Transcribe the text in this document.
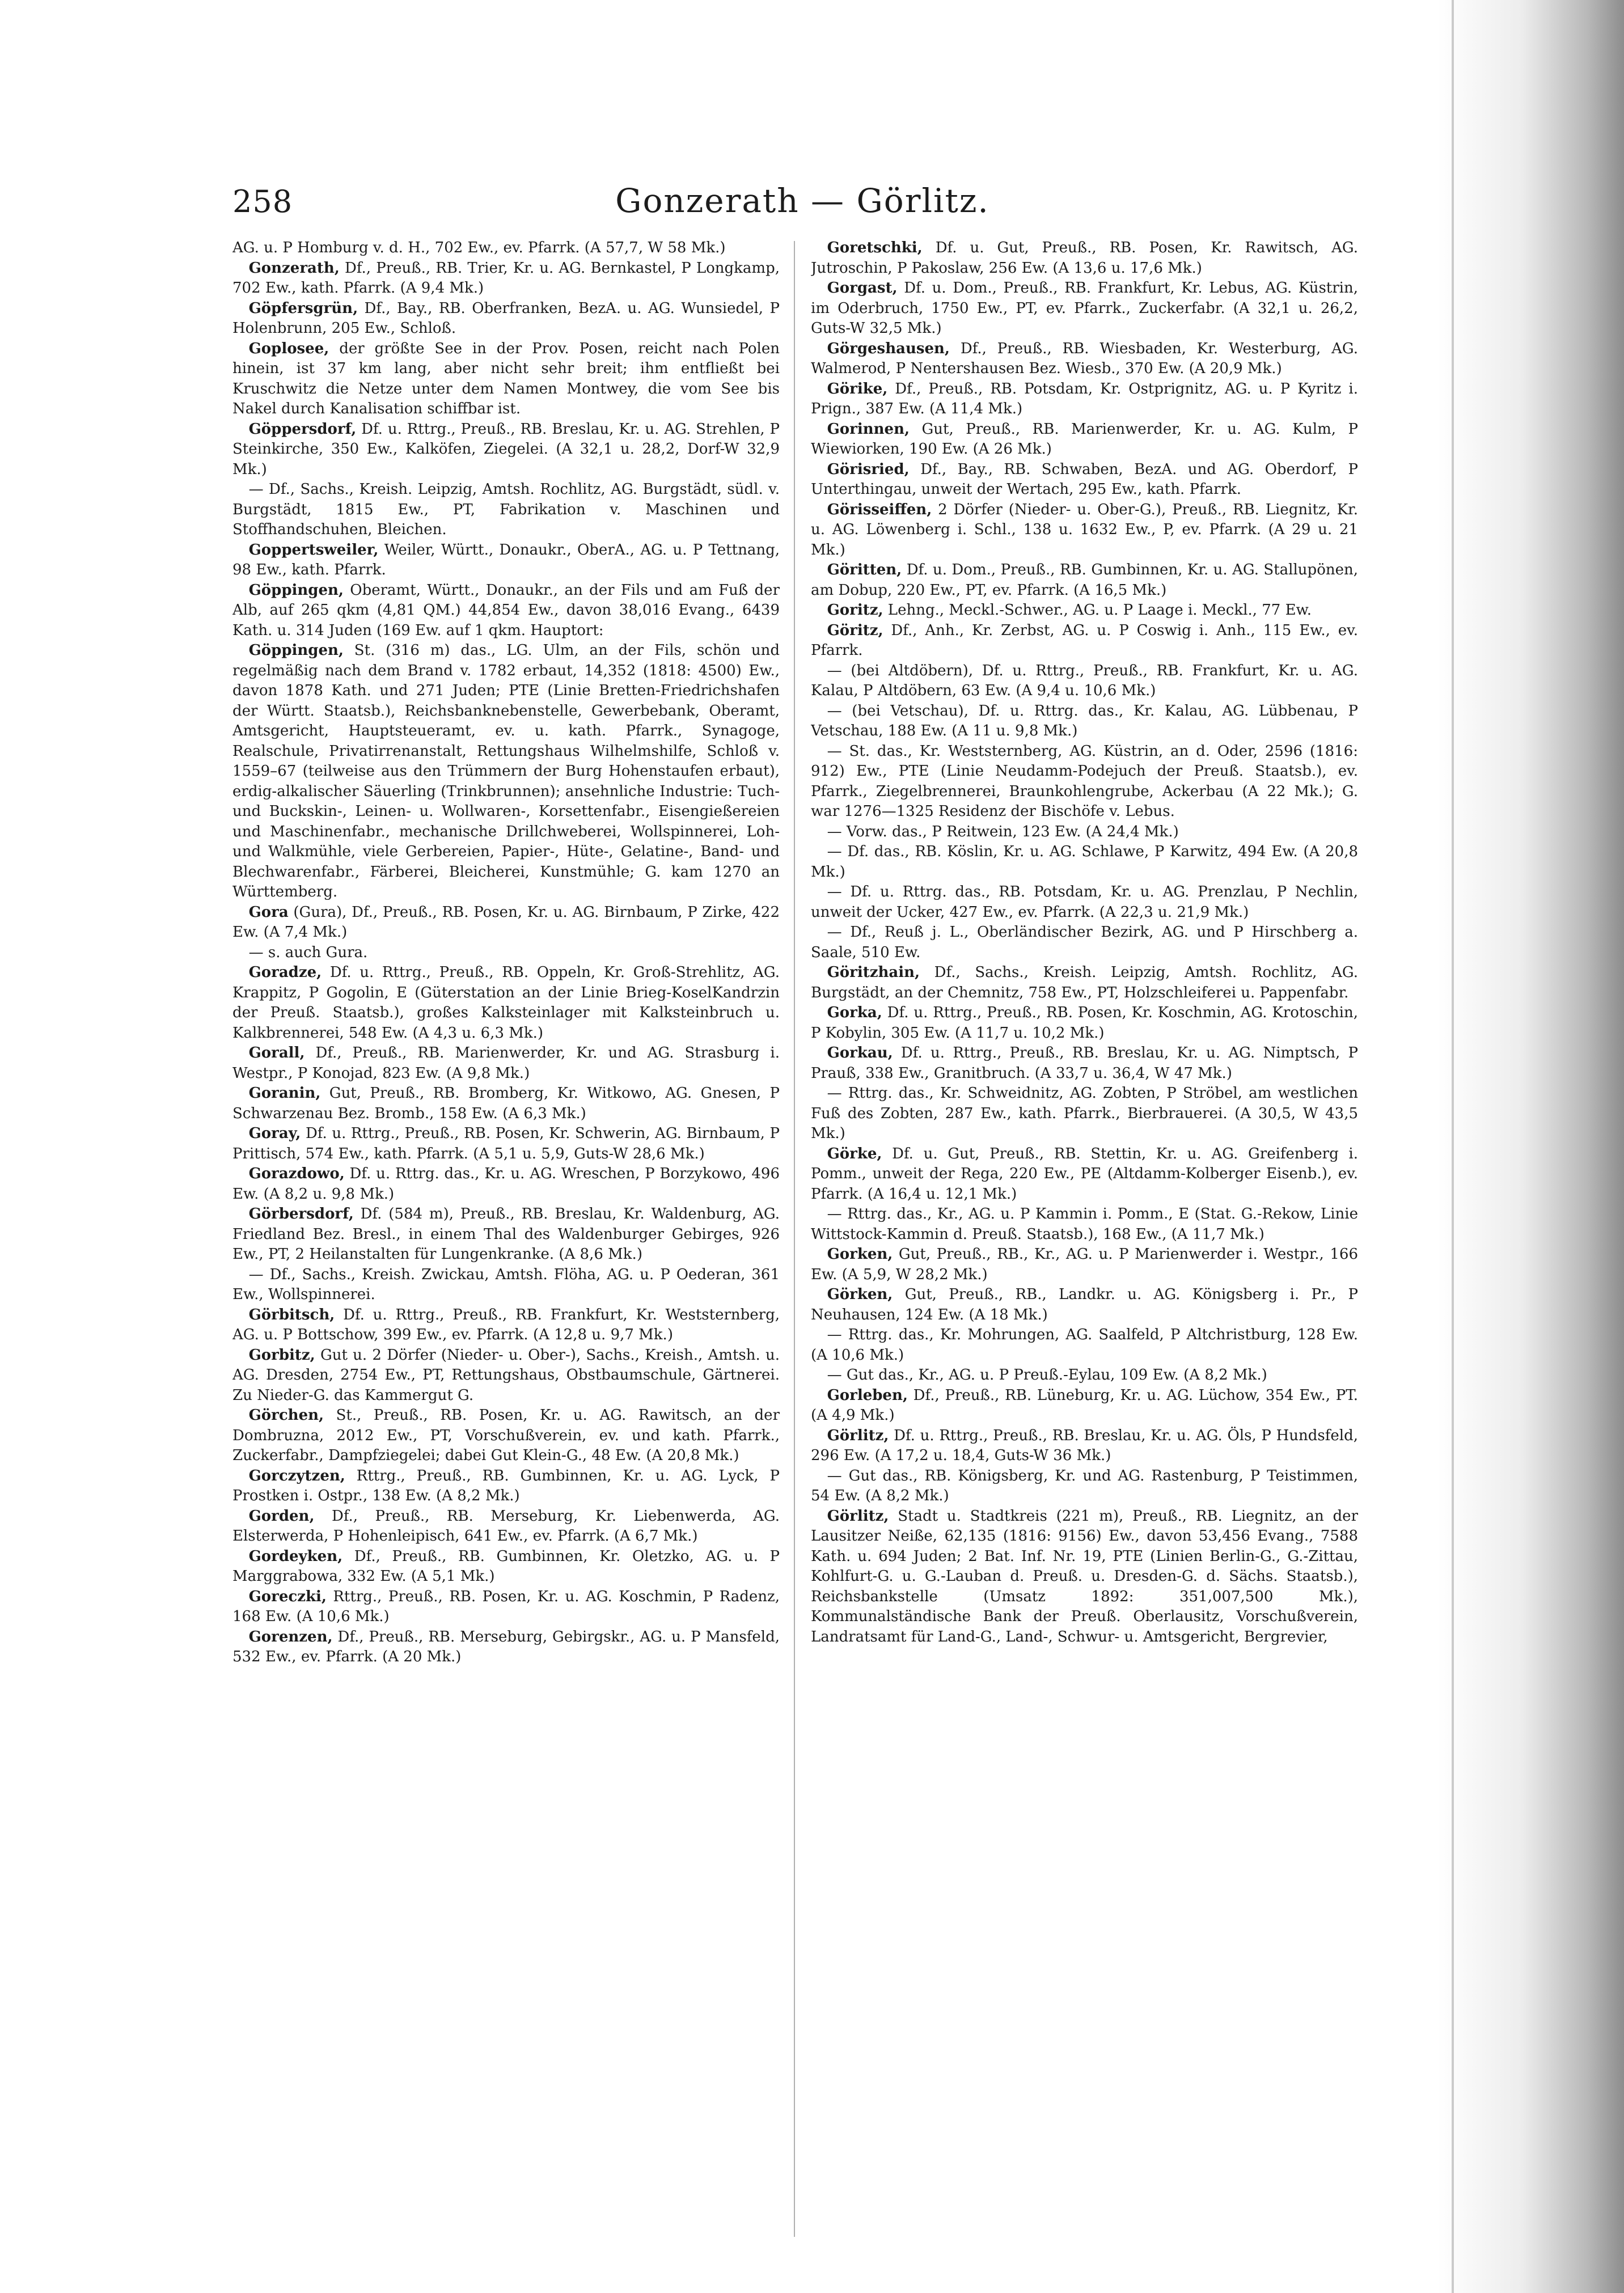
258	Gonzerath — Görlitz.

AG. u. P Homburg v. d. H., 702 Ew., ev. Pfarrk. (A 57,7, W 58 Mk.)

Gonzerath, Df., Preuß., RB. Trier, Kr. u. AG. Bernkastel, P Longkamp, 702 Ew., kath. Pfarrk. (A 9,4 Mk.)

Göpfersgrün, Df., Bay., RB. Oberfranken, BezA. u. AG. Wunsiedel, P Holenbrunn, 205 Ew., Schloß.

Goplosee, der größte See in der Prov. Posen, reicht nach Polen hinein, ist 37 km lang, aber nicht sehr breit; ihm entfließt bei Kruschwitz die Netze unter dem Namen Montwey, die vom See bis Nakel durch Kanalisation schiffbar ist.

Göppersdorf, Df. u. Rttrg., Preuß., RB. Breslau, Kr. u. AG. Strehlen, P Steinkirche, 350 Ew., Kalköfen, Ziegelei. (A 32,1 u. 28,2, Dorf-W 32,9 Mk.)

— Df., Sachs., Kreish. Leipzig, Amtsh. Rochlitz, AG. Burgstädt, südl. v. Burgstädt, 1815 Ew., PT, Fabrikation v. Maschinen und Stoffhandschuhen, Bleichen.

Goppertsweiler, Weiler, Württ., Donaukr., OberA., AG. u. P Tettnang, 98 Ew., kath. Pfarrk.

Göppingen, Oberamt, Württ., Donaukr., an der Fils und am Fuß der Alb, auf 265 qkm (4,81 QM.) 44,854 Ew., davon 38,016 Evang., 6439 Kath. u. 314 Juden (169 Ew. auf 1 qkm. Hauptort:

Göppingen, St. (316 m) das., LG. Ulm, an der Fils, schön und regelmäßig nach dem Brand v. 1782 erbaut, 14,352 (1818: 4500) Ew., davon 1878 Kath. und 271 Juden; PTE (Linie Bretten-Friedrichshafen der Württ. Staatsb.), Reichsbanknebenstelle, Gewerbebank, Oberamt, Amtsgericht, Hauptsteueramt, ev. u. kath. Pfarrk., Synagoge, Realschule, Privatirrenanstalt, Rettungshaus Wilhelmshilfe, Schloß v. 1559–67 (teilweise aus den Trümmern der Burg Hohenstaufen erbaut), erdig-alkalischer Säuerling (Trinkbrunnen); ansehnliche Industrie: Tuch- und Buckskin-, Leinen- u. Wollwaren-, Korsettenfabr., Eisengießereien und Maschinenfabr., mechanische Drillchweberei, Wollspinnerei, Loh- und Walkmühle, viele Gerbereien, Papier-, Hüte-, Gelatine-, Band- und Blechwarenfabr., Färberei, Bleicherei, Kunstmühle; G. kam 1270 an Württemberg.

Gora (Gura), Df., Preuß., RB. Posen, Kr. u. AG. Birnbaum, P Zirke, 422 Ew. (A 7,4 Mk.)

— s. auch Gura.

Goradze, Df. u. Rttrg., Preuß., RB. Oppeln, Kr. Groß-Strehlitz, AG. Krappitz, P Gogolin, E (Güterstation an der Linie Brieg-KoselKandrzin der Preuß. Staatsb.), großes Kalksteinlager mit Kalksteinbruch u. Kalkbrennerei, 548 Ew. (A 4,3 u. 6,3 Mk.)

Gorall, Df., Preuß., RB. Marienwerder, Kr. und AG. Strasburg i. Westpr., P Konojad, 823 Ew. (A 9,8 Mk.)

Goranin, Gut, Preuß., RB. Bromberg, Kr. Witkowo, AG. Gnesen, P Schwarzenau Bez. Bromb., 158 Ew. (A 6,3 Mk.)

Goray, Df. u. Rttrg., Preuß., RB. Posen, Kr. Schwerin, AG. Birnbaum, P Prittisch, 574 Ew., kath. Pfarrk. (A 5,1 u. 5,9, Guts-W 28,6 Mk.)

Gorazdowo, Df. u. Rttrg. das., Kr. u. AG. Wreschen, P Borzykowo, 496 Ew. (A 8,2 u. 9,8 Mk.)

Görbersdorf, Df. (584 m), Preuß., RB. Breslau, Kr. Waldenburg, AG. Friedland Bez. Bresl., in einem Thal des Waldenburger Gebirges, 926 Ew., PT, 2 Heilanstalten für Lungenkranke. (A 8,6 Mk.)

— Df., Sachs., Kreish. Zwickau, Amtsh. Flöha, AG. u. P Oederan, 361 Ew., Wollspinnerei.

Görbitsch, Df. u. Rttrg., Preuß., RB. Frankfurt, Kr. Weststernberg, AG. u. P Bottschow, 399 Ew., ev. Pfarrk. (A 12,8 u. 9,7 Mk.)

Gorbitz, Gut u. 2 Dörfer (Nieder- u. Ober-), Sachs., Kreish., Amtsh. u. AG. Dresden, 2754 Ew., PT, Rettungshaus, Obstbaumschule, Gärtnerei. Zu Nieder-G. das Kammergut G.

Görchen, St., Preuß., RB. Posen, Kr. u. AG. Rawitsch, an der Dombruzna, 2012 Ew., PT, Vorschußverein, ev. und kath. Pfarrk., Zuckerfabr., Dampfziegelei; dabei Gut Klein-G., 48 Ew. (A 20,8 Mk.)

Gorczytzen, Rttrg., Preuß., RB. Gumbinnen, Kr. u. AG. Lyck, P Prostken i. Ostpr., 138 Ew. (A 8,2 Mk.)

Gorden, Df., Preuß., RB. Merseburg, Kr. Liebenwerda, AG. Elsterwerda, P Hohenleipisch, 641 Ew., ev. Pfarrk. (A 6,7 Mk.)

Gordeyken, Df., Preuß., RB. Gumbinnen, Kr. Oletzko, AG. u. P Marggrabowa, 332 Ew. (A 5,1 Mk.)

Goreczki, Rttrg., Preuß., RB. Posen, Kr. u. AG. Koschmin, P Radenz, 168 Ew. (A 10,6 Mk.)

Gorenzen, Df., Preuß., RB. Merseburg, Gebirgskr., AG. u. P Mansfeld, 532 Ew., ev. Pfarrk. (A 20 Mk.)

Goretschki, Df. u. Gut, Preuß., RB. Posen, Kr. Rawitsch, AG. Jutroschin, P Pakoslaw, 256 Ew. (A 13,6 u. 17,6 Mk.)

Gorgast, Df. u. Dom., Preuß., RB. Frankfurt, Kr. Lebus, AG. Küstrin, im Oderbruch, 1750 Ew., PT, ev. Pfarrk., Zuckerfabr. (A 32,1 u. 26,2, Guts-W 32,5 Mk.)

Görgeshausen, Df., Preuß., RB. Wiesbaden, Kr. Westerburg, AG. Walmerod, P Nentershausen Bez. Wiesb., 370 Ew. (A 20,9 Mk.)

Görike, Df., Preuß., RB. Potsdam, Kr. Ostprignitz, AG. u. P Kyritz i. Prign., 387 Ew. (A 11,4 Mk.)

Gorinnen, Gut, Preuß., RB. Marienwerder, Kr. u. AG. Kulm, P Wiewiorken, 190 Ew. (A 26 Mk.)

Görisried, Df., Bay., RB. Schwaben, BezA. und AG. Oberdorf, P Unterthingau, unweit der Wertach, 295 Ew., kath. Pfarrk.

Görisseiffen, 2 Dörfer (Nieder- u. Ober-G.), Preuß., RB. Liegnitz, Kr. u. AG. Löwenberg i. Schl., 138 u. 1632 Ew., P, ev. Pfarrk. (A 29 u. 21 Mk.)

Göritten, Df. u. Dom., Preuß., RB. Gumbinnen, Kr. u. AG. Stallupönen, am Dobup, 220 Ew., PT, ev. Pfarrk. (A 16,5 Mk.)

Goritz, Lehng., Meckl.-Schwer., AG. u. P Laage i. Meckl., 77 Ew.

Göritz, Df., Anh., Kr. Zerbst, AG. u. P Coswig i. Anh., 115 Ew., ev. Pfarrk.

— (bei Altdöbern), Df. u. Rttrg., Preuß., RB. Frankfurt, Kr. u. AG. Kalau, P Altdöbern, 63 Ew. (A 9,4 u. 10,6 Mk.)

— (bei Vetschau), Df. u. Rttrg. das., Kr. Kalau, AG. Lübbenau, P Vetschau, 188 Ew. (A 11 u. 9,8 Mk.)

— St. das., Kr. Weststernberg, AG. Küstrin, an d. Oder, 2596 (1816: 912) Ew., PTE (Linie Neudamm-Podejuch der Preuß. Staatsb.), ev. Pfarrk., Ziegelbrennerei, Braunkohlengrube, Ackerbau (A 22 Mk.); G. war 1276—1325 Residenz der Bischöfe v. Lebus.

— Vorw. das., P Reitwein, 123 Ew. (A 24,4 Mk.)

— Df. das., RB. Köslin, Kr. u. AG. Schlawe, P Karwitz, 494 Ew. (A 20,8 Mk.)

— Df. u. Rttrg. das., RB. Potsdam, Kr. u. AG. Prenzlau, P Nechlin, unweit der Ucker, 427 Ew., ev. Pfarrk. (A 22,3 u. 21,9 Mk.)

— Df., Reuß j. L., Oberländischer Bezirk, AG. und P Hirschberg a. Saale, 510 Ew.

Göritzhain, Df., Sachs., Kreish. Leipzig, Amtsh. Rochlitz, AG. Burgstädt, an der Chemnitz, 758 Ew., PT, Holzschleiferei u. Pappenfabr.

Gorka, Df. u. Rttrg., Preuß., RB. Posen, Kr. Koschmin, AG. Krotoschin, P Kobylin, 305 Ew. (A 11,7 u. 10,2 Mk.)

Gorkau, Df. u. Rttrg., Preuß., RB. Breslau, Kr. u. AG. Nimptsch, P Prauß, 338 Ew., Granitbruch. (A 33,7 u. 36,4, W 47 Mk.)

— Rttrg. das., Kr. Schweidnitz, AG. Zobten, P Ströbel, am westlichen Fuß des Zobten, 287 Ew., kath. Pfarrk., Bierbrauerei. (A 30,5, W 43,5 Mk.)

Görke, Df. u. Gut, Preuß., RB. Stettin, Kr. u. AG. Greifenberg i. Pomm., unweit der Rega, 220 Ew., PE (Altdamm-Kolberger Eisenb.), ev. Pfarrk. (A 16,4 u. 12,1 Mk.)

— Rttrg. das., Kr., AG. u. P Kammin i. Pomm., E (Stat. G.-Rekow, Linie Wittstock-Kammin d. Preuß. Staatsb.), 168 Ew., (A 11,7 Mk.)

Gorken, Gut, Preuß., RB., Kr., AG. u. P Marienwerder i. Westpr., 166 Ew. (A 5,9, W 28,2 Mk.)

Görken, Gut, Preuß., RB., Landkr. u. AG. Königsberg i. Pr., P Neuhausen, 124 Ew. (A 18 Mk.)

— Rttrg. das., Kr. Mohrungen, AG. Saalfeld, P Altchristburg, 128 Ew. (A 10,6 Mk.)

— Gut das., Kr., AG. u. P Preuß.-Eylau, 109 Ew. (A 8,2 Mk.)

Gorleben, Df., Preuß., RB. Lüneburg, Kr. u. AG. Lüchow, 354 Ew., PT. (A 4,9 Mk.)

Görlitz, Df. u. Rttrg., Preuß., RB. Breslau, Kr. u. AG. Öls, P Hundsfeld, 296 Ew. (A 17,2 u. 18,4, Guts-W 36 Mk.)

— Gut das., RB. Königsberg, Kr. und AG. Rastenburg, P Teistimmen, 54 Ew. (A 8,2 Mk.)

Görlitz, Stadt u. Stadtkreis (221 m), Preuß., RB. Liegnitz, an der Lausitzer Neiße, 62,135 (1816: 9156) Ew., davon 53,456 Evang., 7588 Kath. u. 694 Juden; 2 Bat. Inf. Nr. 19, PTE (Linien Berlin-G., G.-Zittau, Kohlfurt-G. u. G.-Lauban d. Preuß. u. Dresden-G. d. Sächs. Staatsb.), Reichsbankstelle (Umsatz 1892: 351,007,500 Mk.), Kommunalständische Bank der Preuß. Oberlausitz, Vorschußverein, Landratsamt für Land-G., Land-, Schwur- u. Amtsgericht, Bergrevier,
